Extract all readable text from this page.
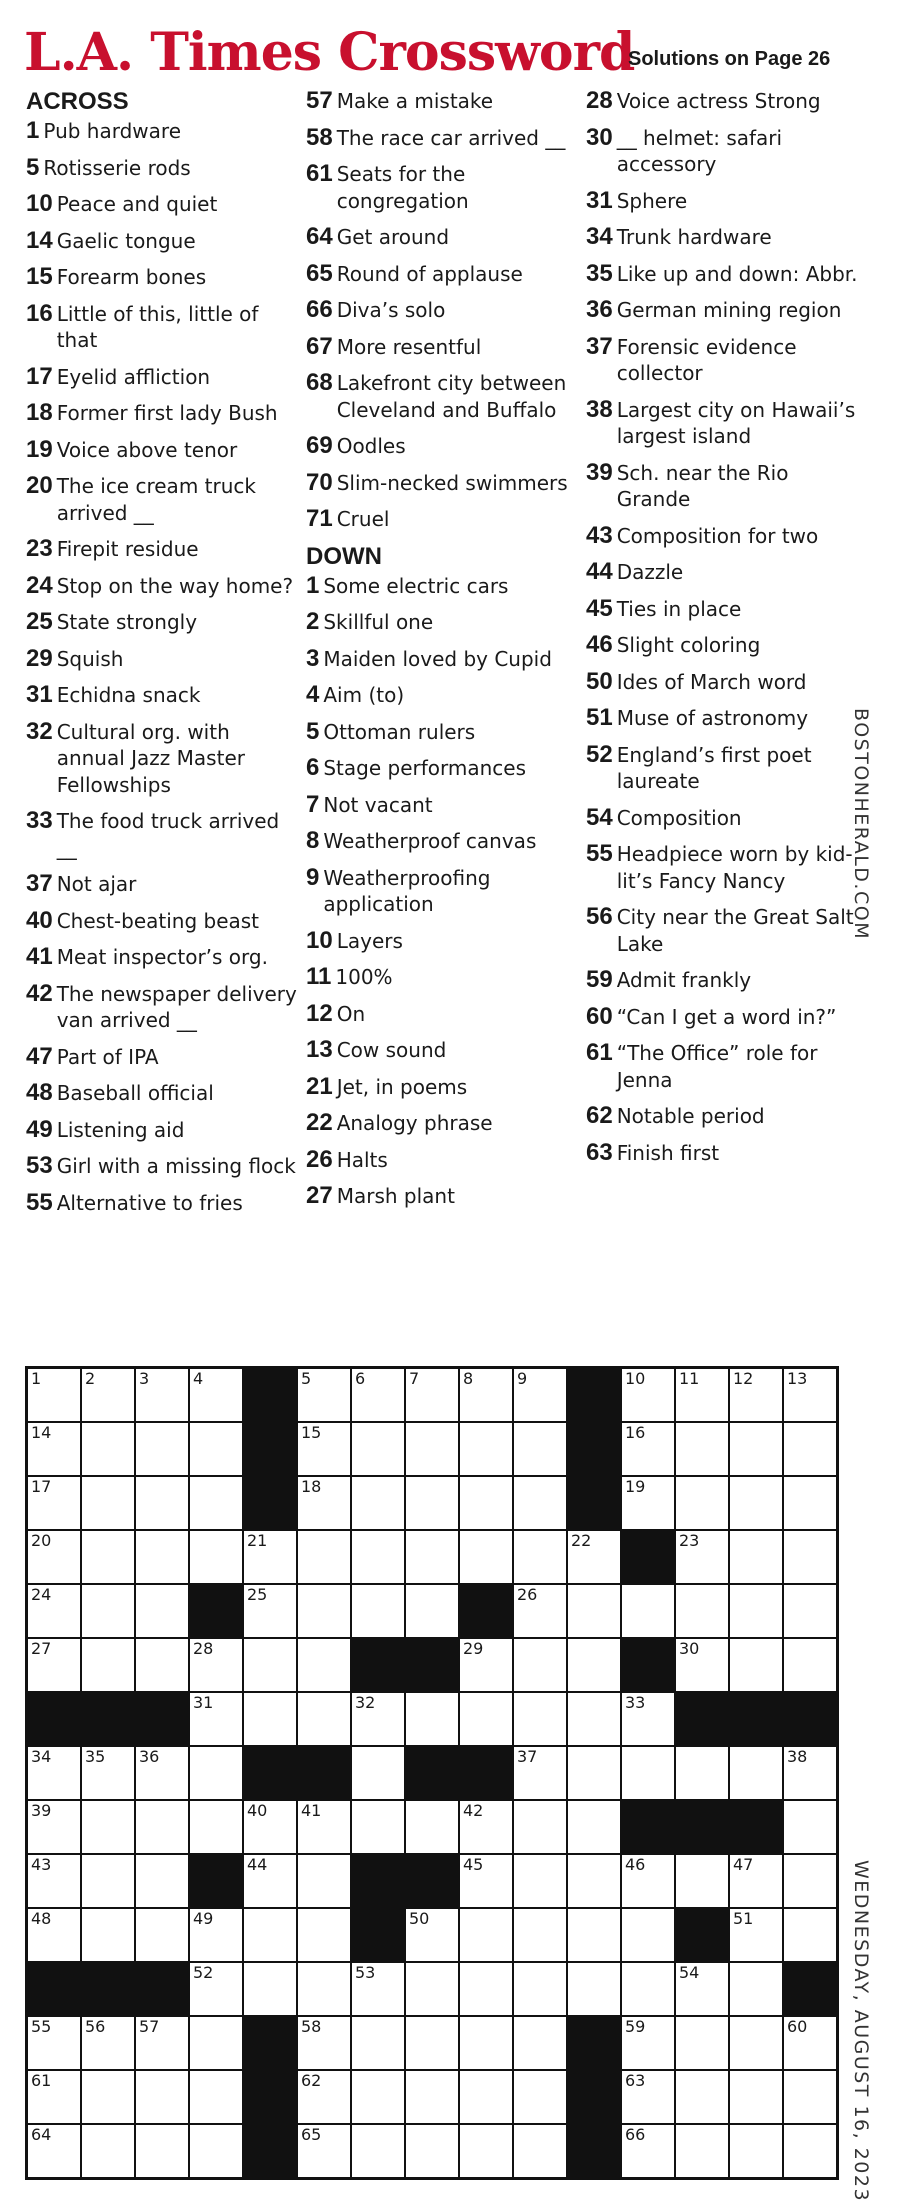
L.A. Times Crossword
Solutions on Page 26
ACROSS
1 Pub hardware
5 Rotisserie rods
10 Peace and quiet
14 Gaelic tongue
15 Forearm bones
16 Little of this, little of that
17 Eyelid affliction
18 Former first lady Bush
19 Voice above tenor
20 The ice cream truck arrived __
23 Firepit residue
24 Stop on the way home?
25 State strongly
29 Squish
31 Echidna snack
32 Cultural org. with annual Jazz Master Fellowships
33 The food truck arrived __
37 Not ajar
40 Chest-beating beast
41 Meat inspector’s org.
42 The newspaper delivery van arrived __
47 Part of IPA
48 Baseball official
49 Listening aid
53 Girl with a missing flock
55 Alternative to fries
57 Make a mistake
58 The race car arrived __
61 Seats for the congregation
64 Get around
65 Round of applause
66 Diva’s solo
67 More resentful
68 Lakefront city between Cleveland and Buffalo
69 Oodles
70 Slim-necked swimmers
71 Cruel
DOWN
1 Some electric cars
2 Skillful one
3 Maiden loved by Cupid
4 Aim (to)
5 Ottoman rulers
6 Stage performances
7 Not vacant
8 Weatherproof canvas
9 Weatherproofing application
10 Layers
11 100%
12 On
13 Cow sound
21 Jet, in poems
22 Analogy phrase
26 Halts
27 Marsh plant
28 Voice actress Strong
30 __ helmet: safari accessory
31 Sphere
34 Trunk hardware
35 Like up and down: Abbr.
36 German mining region
37 Forensic evidence collector
38 Largest city on Hawaii’s largest island
39 Sch. near the Rio Grande
43 Composition for two
44 Dazzle
45 Ties in place
46 Slight coloring
50 Ides of March word
51 Muse of astronomy
52 England’s first poet laureate
54 Composition
55 Headpiece worn by kid-lit’s Fancy Nancy
56 City near the Great Salt Lake
59 Admit frankly
60 “Can I get a word in?”
61 “The Office” role for Jenna
62 Notable period
63 Finish first
BOSTONHERALD.COM
WEDNESDAY, AUGUST 16, 2023
1	2	3	4	5	6	7	8	9	10 11 12 13
14	15	16
17	18	19
20	21	22	23
24	25	26
27	28	29	30
31	32	33
34 35 36	37	38
39	40 41	42
43	44	45	46	47
48	49	50	51
52	53	54
55 56 57	58	59	60
61	62	63
64	65	66
